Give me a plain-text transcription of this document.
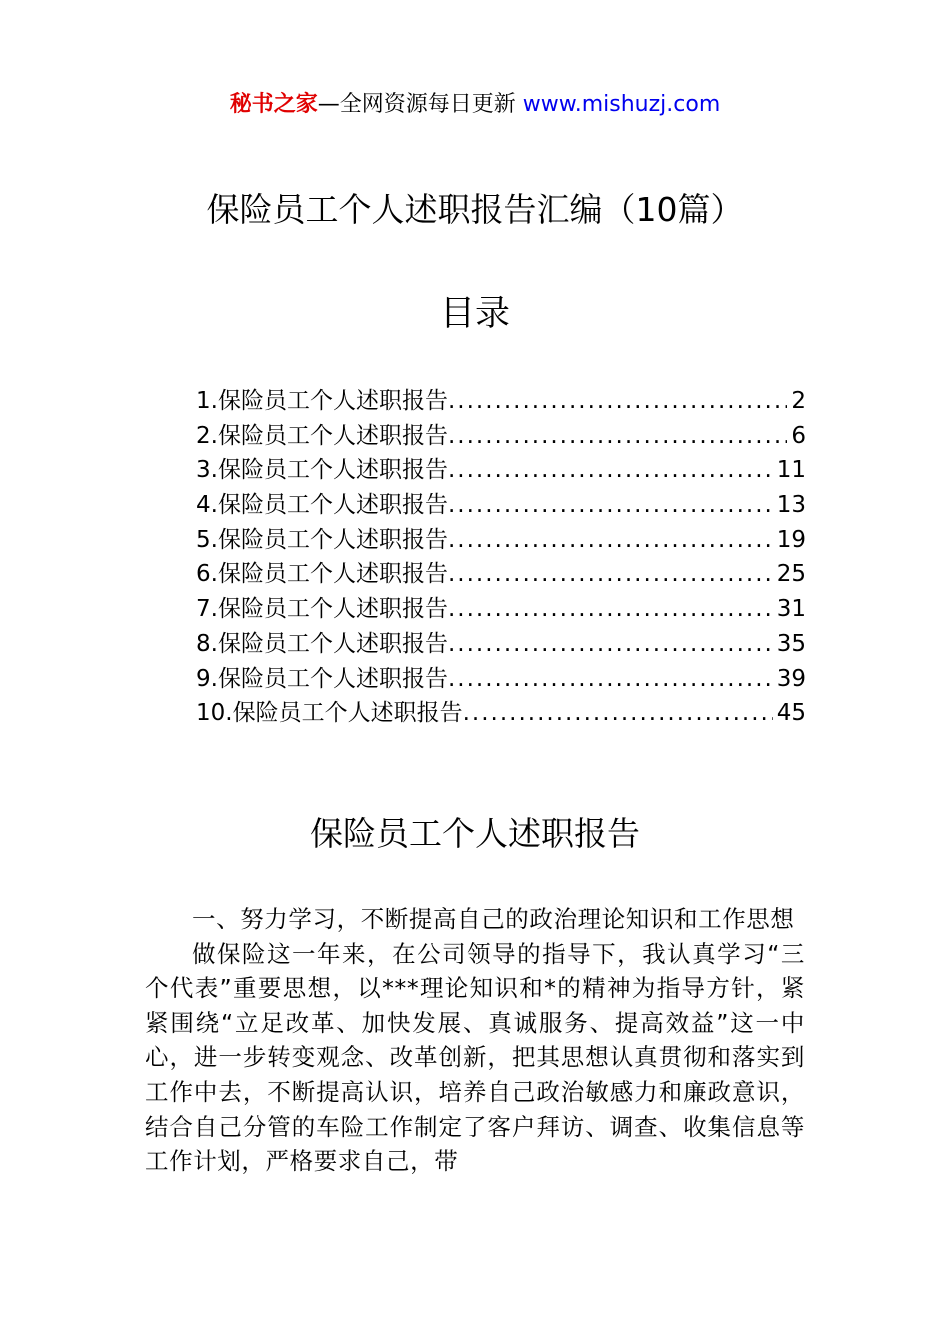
秘书之家—全网资源每日更新 www.mishuzj.com
保险员工个人述职报告汇编（10篇）
目录
1.保险员工个人述职报告 .....	2
2.保险员工个人述职报告 .....	6
3.保险员工个人述职报告 .....	11
4.保险员工个人述职报告 .....	13
5.保险员工个人述职报告 .....	19
6.保险员工个人述职报告 .....	25
7.保险员工个人述职报告 .....	31
8.保险员工个人述职报告 .....	35
9.保险员工个人述职报告 .....	39
10.保险员工个人述职报告 .....	45
保险员工个人述职报告

一、努力学习，不断提高自己的政治理论知识和工作思想

做保险这一年来，在公司领导的指导下，我认真学习“三个代表”重要思想，以***理论知识和*的精神为指导方针，紧紧围绕“立足改革、加快发展、真诚服务、提高效益”这一中心，进一步转变观念、改革创新，把其思想认真贯彻和落实到工作中去，不断提高认识，培养自己政治敏感力和廉政意识，结合自己分管的车险工作制定了客户拜访、调查、收集信息等工作计划，严格要求自己，带
